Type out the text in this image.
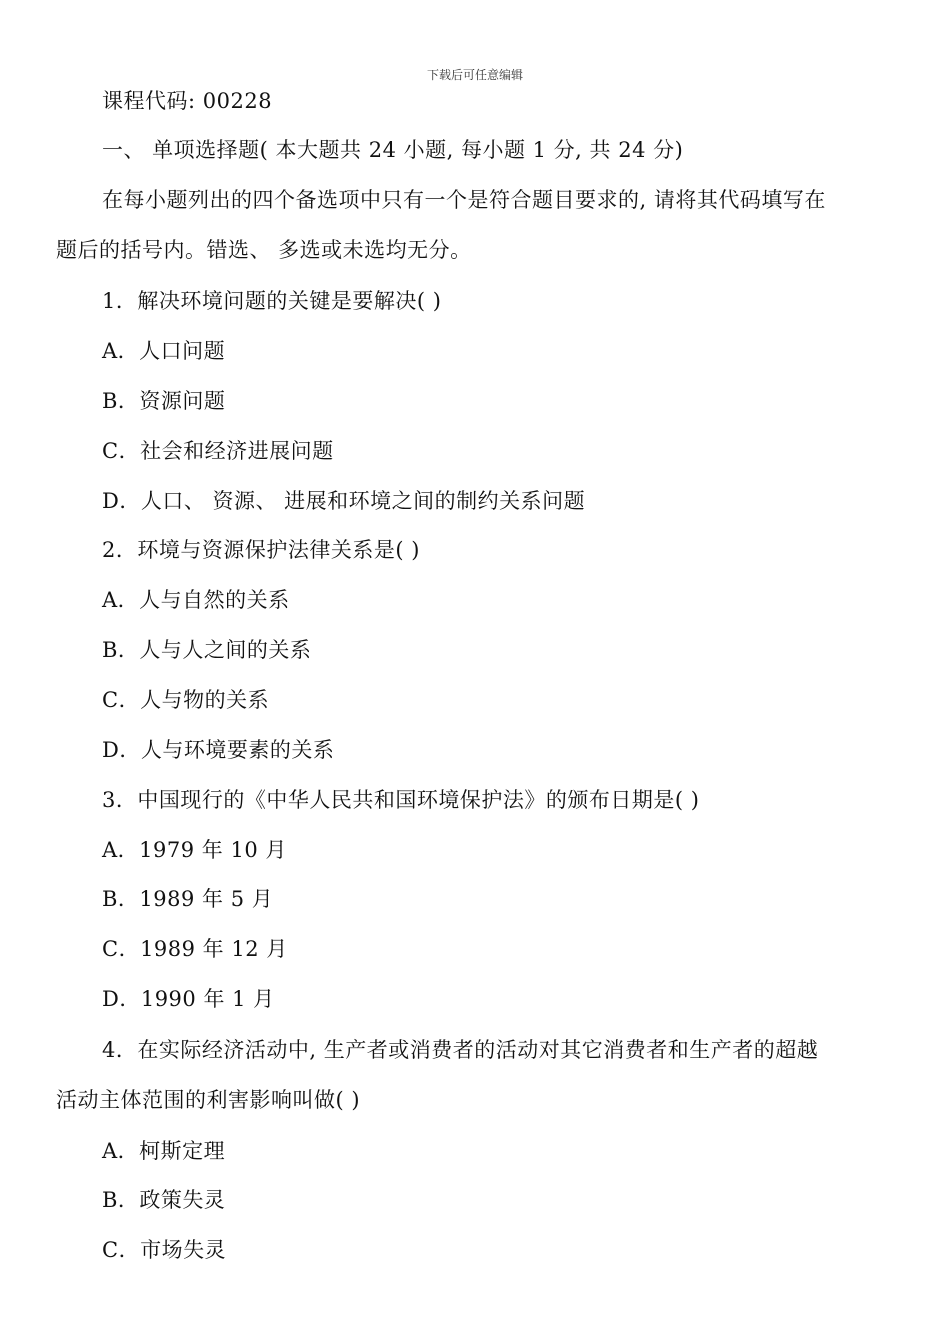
下载后可任意编辑
课程代码: 00228
一、 单项选择题( 本大题共 24 小题, 每小题 1 分, 共 24 分)
在每小题列出的四个备选项中只有一个是符合题目要求的, 请将其代码填写在
题后的括号内。错选、 多选或未选均无分。
1．解决环境问题的关键是要解决( )
A．人口问题
B．资源问题
C．社会和经济进展问题
D．人口、 资源、 进展和环境之间的制约关系问题
2．环境与资源保护法律关系是( )
A．人与自然的关系
B．人与人之间的关系
C．人与物的关系
D．人与环境要素的关系
3．中国现行的《中华人民共和国环境保护法》的颁布日期是( )
A．1979 年 10 月
B．1989 年 5 月
C．1989 年 12 月
D．1990 年 1 月
4．在实际经济活动中, 生产者或消费者的活动对其它消费者和生产者的超越
活动主体范围的利害影响叫做( )
A．柯斯定理
B．政策失灵
C．市场失灵
